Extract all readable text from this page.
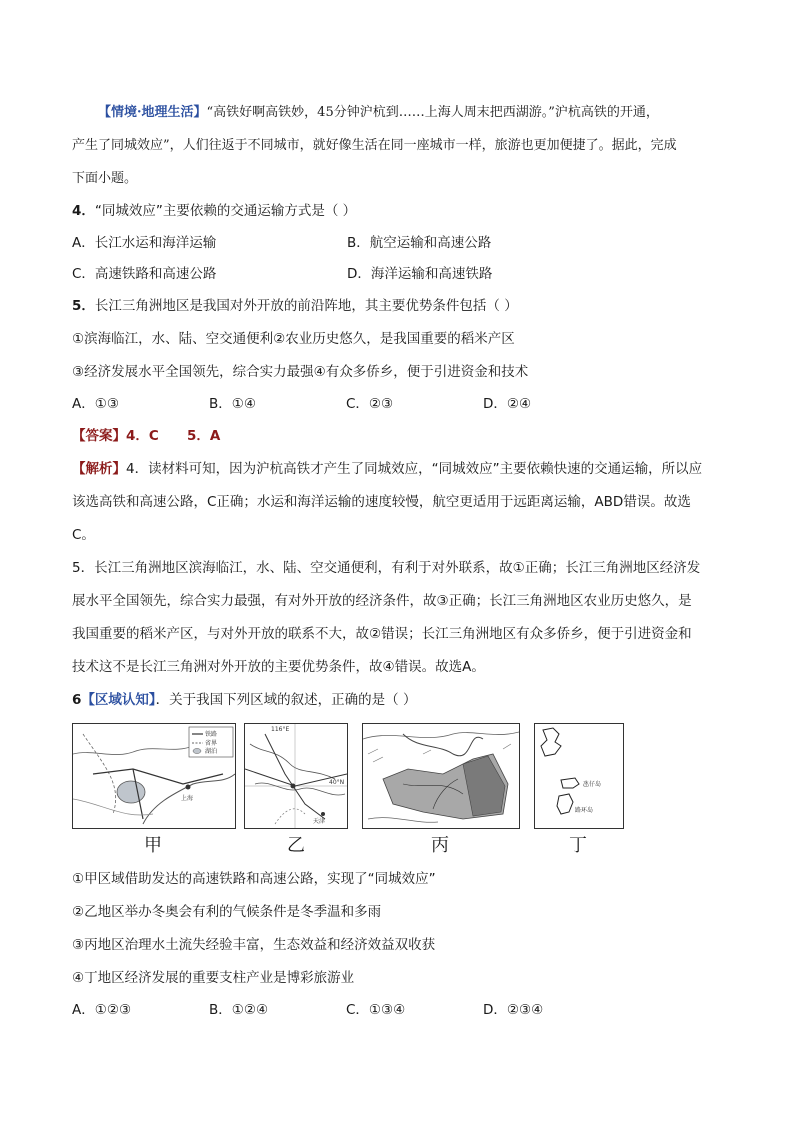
【情境·地理生活】“高铁好啊高铁妙，45分钟沪杭到……上海人周末把西湖游。”沪杭高铁的开通，
产生了同城效应”，人们往返于不同城市，就好像生活在同一座城市一样，旅游也更加便捷了。据此，完成
下面小题。

4．“同城效应”主要依赖的交通运输方式是（ ）

A．长江水运和海洋运输	B．航空运输和高速公路
C．高速铁路和高速公路	D．海洋运输和高速铁路

5．长江三角洲地区是我国对外开放的前沿阵地，其主要优势条件包括（ ）

①滨海临江，水、陆、空交通便利②农业历史悠久，是我国重要的稻米产区

③经济发展水平全国领先，综合实力最强④有众多侨乡，便于引进资金和技术

A．①③	B．①④	C．②③	D．②④

【答案】4．C      5．A

【解析】4．读材料可知，因为沪杭高铁才产生了同城效应，“同城效应”主要依赖快速的交通运输，所以应

该选高铁和高速公路，C正确；水运和海洋运输的速度较慢，航空更适用于远距离运输，ABD错误。故选

C。

5．长江三角洲地区滨海临江，水、陆、空交通便利，有利于对外联系，故①正确；长江三角洲地区经济发

展水平全国领先，综合实力最强，有对外开放的经济条件，故③正确；长江三角洲地区农业历史悠久，是

我国重要的稻米产区，与对外开放的联系不大，故②错误；长江三角洲地区有众多侨乡，便于引进资金和

技术这不是长江三角洲对外开放的主要优势条件，故④错误。故选A。

6【区域认知】．关于我国下列区域的叙述，正确的是（ ）

上海
铁路
省界
湖泊
甲
116°E
40°N
天津
乙	丙
氹仔岛
路环岛
丁

①甲区域借助发达的高速铁路和高速公路，实现了“同城效应”

②乙地区举办冬奥会有利的气候条件是冬季温和多雨

③丙地区治理水土流失经验丰富，生态效益和经济效益双收获

④丁地区经济发展的重要支柱产业是博彩旅游业

A．①②③	B．①②④	C．①③④	D．②③④
